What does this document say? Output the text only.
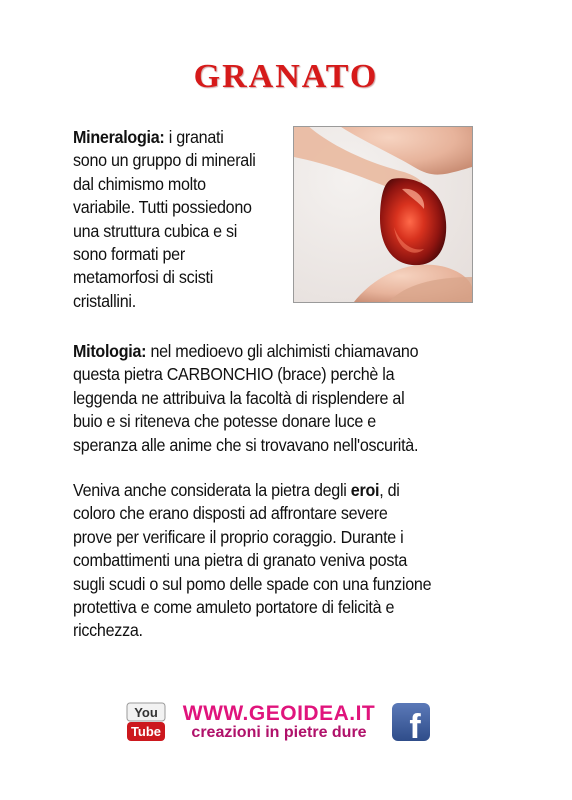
GRANATO
Mineralogia: i granati
sono un gruppo di minerali
dal chimismo molto
variabile. Tutti possiedono
una struttura cubica e si
sono formati per
metamorfosi di scisti
cristallini.
Mitologia: nel medioevo gli alchimisti chiamavano
questa pietra CARBONCHIO (brace) perchè la
leggenda ne attribuiva la facoltà di risplendere al
buio e si riteneva che potesse donare luce e
speranza alle anime che si trovavano nell'oscurità.
Veniva anche considerata la pietra degli eroi, di
coloro che erano disposti ad affrontare severe
prove per verificare il proprio coraggio. Durante i
combattimenti una pietra di granato veniva posta
sugli scudi o sul pomo delle spade con una funzione
protettiva e come amuleto portatore di felicità e
ricchezza.
You
Tube
WWW.GEOIDEA.IT
creazioni in pietre dure	f
